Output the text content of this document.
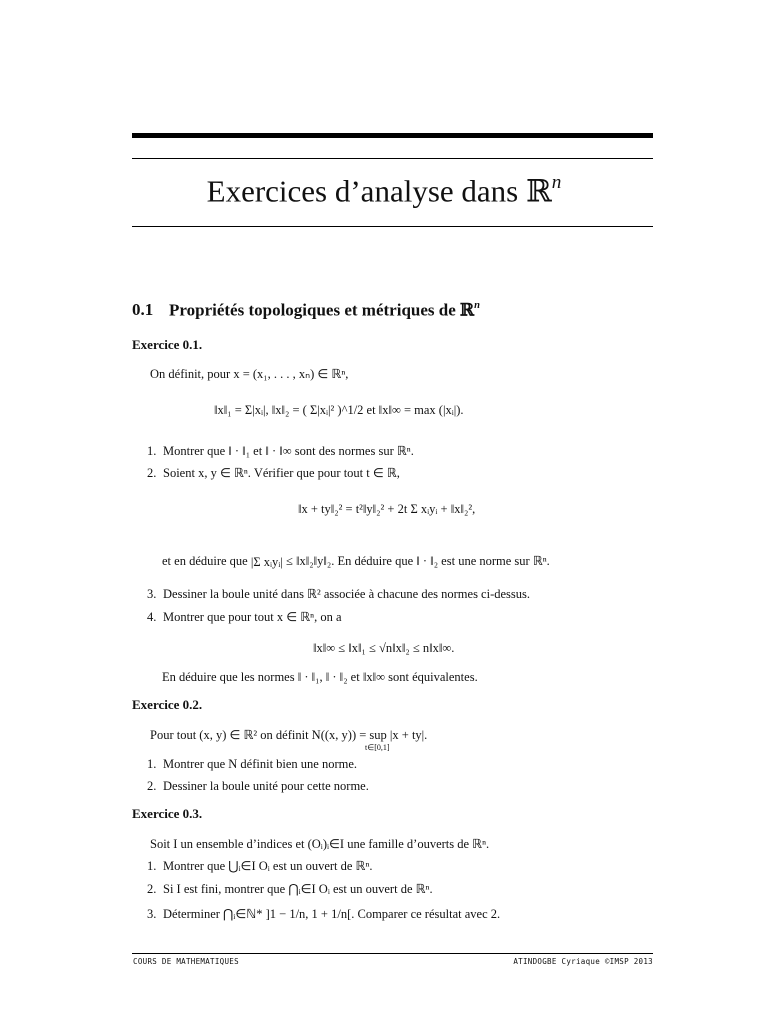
Exercices d’analyse dans ℝ$^n$
0.1 Propriétés topologiques et métriques de ℝ$^n$
Exercice 0.1.
On définit, pour x = (x₁, . . . , xₙ) ∈ ℝⁿ,
‖x‖₁ = Σ|xᵢ|, ‖x‖₂ = ( Σ|xᵢ|² )^1/2 et ‖x‖∞ = max (|xᵢ|).
1. Montrer que ‖ · ‖₁ et ‖ · ‖∞ sont des normes sur ℝⁿ.
2. Soient x, y ∈ ℝⁿ. Vérifier que pour tout t ∈ ℝ,
‖x + ty‖₂² = t²‖y‖₂² + 2t Σ xᵢyᵢ + ‖x‖₂²,
et en déduire que |Σ xᵢyᵢ| ≤ ‖x‖₂‖y‖₂. En déduire que ‖ · ‖₂ est une norme sur ℝⁿ.
3. Dessiner la boule unité dans ℝ² associée à chacune des normes ci-dessus.
4. Montrer que pour tout x ∈ ℝⁿ, on a
‖x‖∞ ≤ ‖x‖₁ ≤ √n‖x‖₂ ≤ n‖x‖∞.
En déduire que les normes ‖ · ‖₁, ‖ · ‖₂ et ‖x‖∞ sont équivalentes.
Exercice 0.2.
Pour tout (x, y) ∈ ℝ² on définit N((x, y)) = sup |x + ty|.
t∈[0,1]
1. Montrer que N définit bien une norme.
2. Dessiner la boule unité pour cette norme.
Exercice 0.3.
Soit I un ensemble d’indices et (Oᵢ)ᵢ∈I une famille d’ouverts de ℝⁿ.
1. Montrer que ⋃ᵢ∈I Oᵢ est un ouvert de ℝⁿ.
2. Si I est fini, montrer que ⋂ᵢ∈I Oᵢ est un ouvert de ℝⁿ.
3. Déterminer ⋂ᵢ∈ℕ* ]1 − 1/n, 1 + 1/n[. Comparer ce résultat avec 2.
COURS DE MATHEMATIQUES	ATINDOGBE Cyriaque ©IMSP 2013
